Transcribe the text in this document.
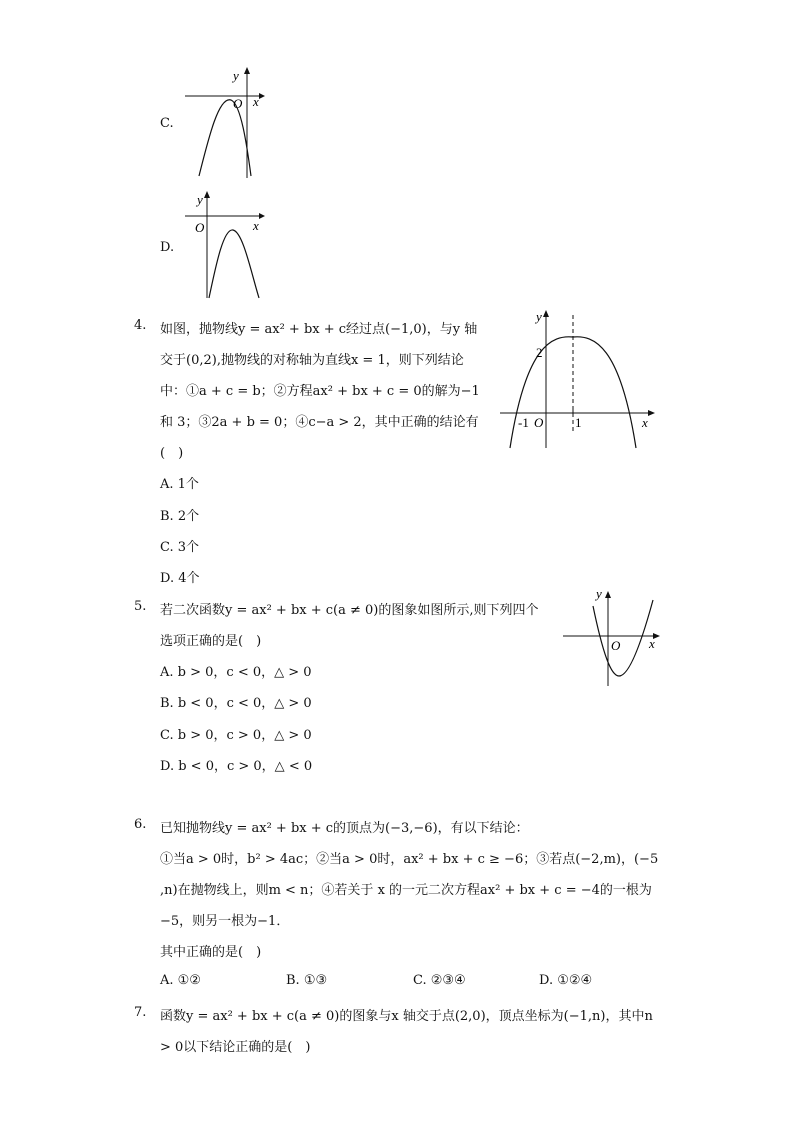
C.
y
x
O
D.
y
x
O
4. 如图，抛物线y = ax² + bx + c经过点(−1,0)，与y 轴
交于(0,2),抛物线的对称轴为直线x = 1，则下列结论
中：①a + c = b；②方程ax² + bx + c = 0的解为−1
和 3；③2a + b = 0；④c−a > 2，其中正确的结论有
(　)
A. 1个
B. 2个
C. 3个
D. 4个
y
2
-1 O 1	x
5. 若二次函数y = ax² + bx + c(a ≠ 0)的图象如图所示,则下列四个
选项正确的是(　)
A. b > 0，c < 0，△ > 0
B. b < 0，c < 0，△ > 0
C. b > 0，c > 0，△ > 0
D. b < 0，c > 0，△ < 0
y
O x
6. 已知抛物线y = ax² + bx + c的顶点为(−3,−6)，有以下结论：
①当a > 0时，b² > 4ac；②当a > 0时，ax² + bx + c ≥ −6；③若点(−2,m)，(−5
,n)在抛物线上，则m < n；④若关于 x 的一元二次方程ax² + bx + c = −4的一根为
−5，则另一根为−1．
其中正确的是(　)
A. ①②	B. ①③	C. ②③④	D. ①②④
7. 函数y = ax² + bx + c(a ≠ 0)的图象与x 轴交于点(2,0)，顶点坐标为(−1,n)，其中n
> 0以下结论正确的是(　)
